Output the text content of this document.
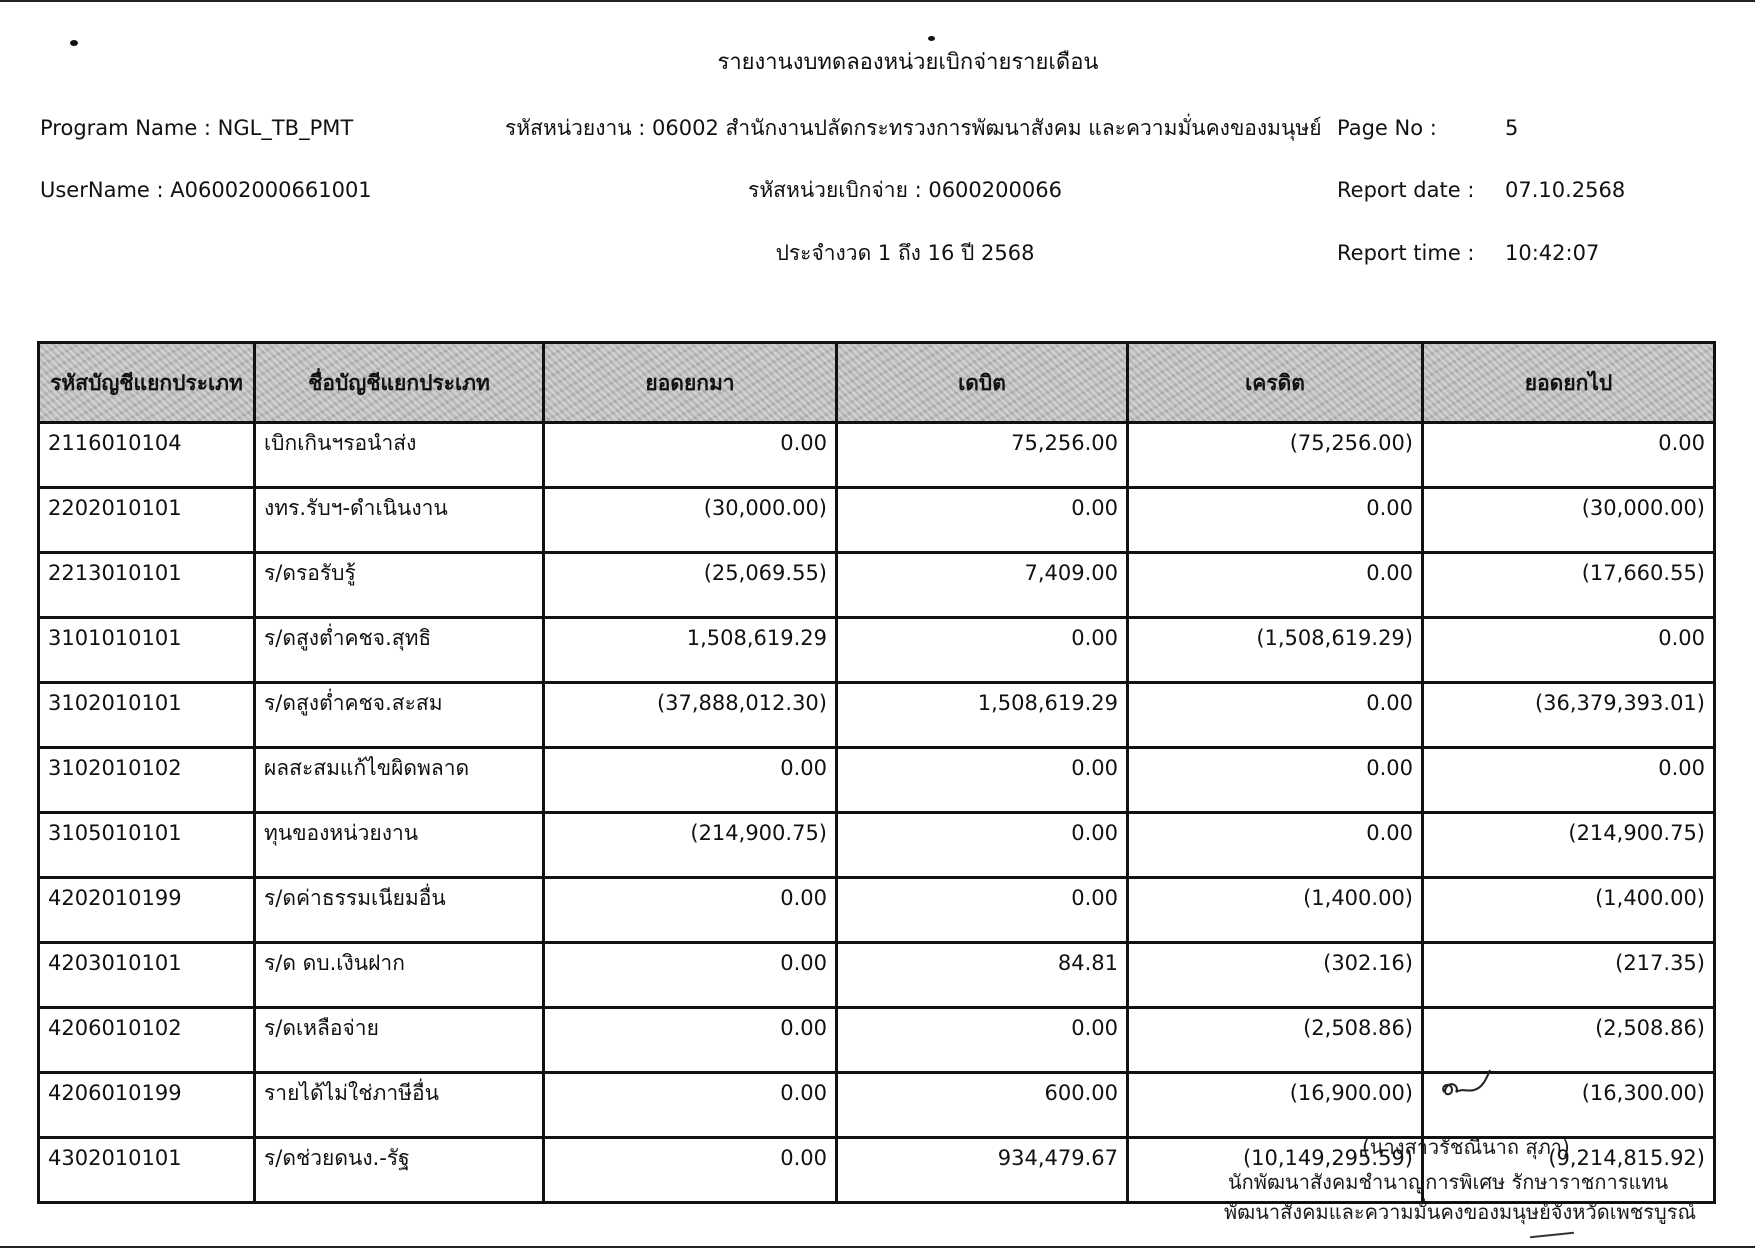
รายงานงบทดลองหน่วยเบิกจ่ายรายเดือน
Program Name : NGL_TB_PMT
UserName : A06002000661001
รหัสหน่วยงาน : 06002 สำนักงานปลัดกระทรวงการพัฒนาสังคม และความมั่นคงของมนุษย์
รหัสหน่วยเบิกจ่าย : 0600200066
ประจำงวด 1 ถึง 16 ปี 2568
Page No :	5
Report date : 07.10.2568
Report time : 10:42:07
รหัสบัญชีแยกประเภท	ชื่อบัญชีแยกประเภท	ยอดยกมา	เดบิต	เครดิต	ยอดยกไป
2116010104	เบิกเกินฯรอนำส่ง	0.00	75,256.00	(75,256.00)	0.00
2202010101	งทร.รับฯ-ดำเนินงาน	(30,000.00)	0.00	0.00	(30,000.00)
2213010101	ร/ดรอรับรู้	(25,069.55)	7,409.00	0.00	(17,660.55)
3101010101	ร/ดสูงต่ำคชจ.สุทธิ	1,508,619.29	0.00	(1,508,619.29)	0.00
3102010101	ร/ดสูงต่ำคชจ.สะสม	(37,888,012.30)	1,508,619.29	0.00	(36,379,393.01)
3102010102	ผลสะสมแก้ไขผิดพลาด	0.00	0.00	0.00	0.00
3105010101	ทุนของหน่วยงาน	(214,900.75)	0.00	0.00	(214,900.75)
4202010199	ร/ดค่าธรรมเนียมอื่น	0.00	0.00	(1,400.00)	(1,400.00)
4203010101	ร/ด ดบ.เงินฝาก	0.00	84.81	(302.16)	(217.35)
4206010102	ร/ดเหลือจ่าย	0.00	0.00	(2,508.86)	(2,508.86)
4206010199	รายได้ไม่ใช่ภาษีอื่น	0.00	600.00	(16,900.00)	(16,300.00)
4302010101	ร/ดช่วยดนง.-รัฐ	0.00	934,479.67	(10,149,295.59)	(9,214,815.92)
(นางสาวรัชณีนาถ สุภา)
นักพัฒนาสังคมชำนาญการพิเศษ รักษาราชการแทน
พัฒนาสังคมและความมั่นคงของมนุษย์จังหวัดเพชรบูรณ์
